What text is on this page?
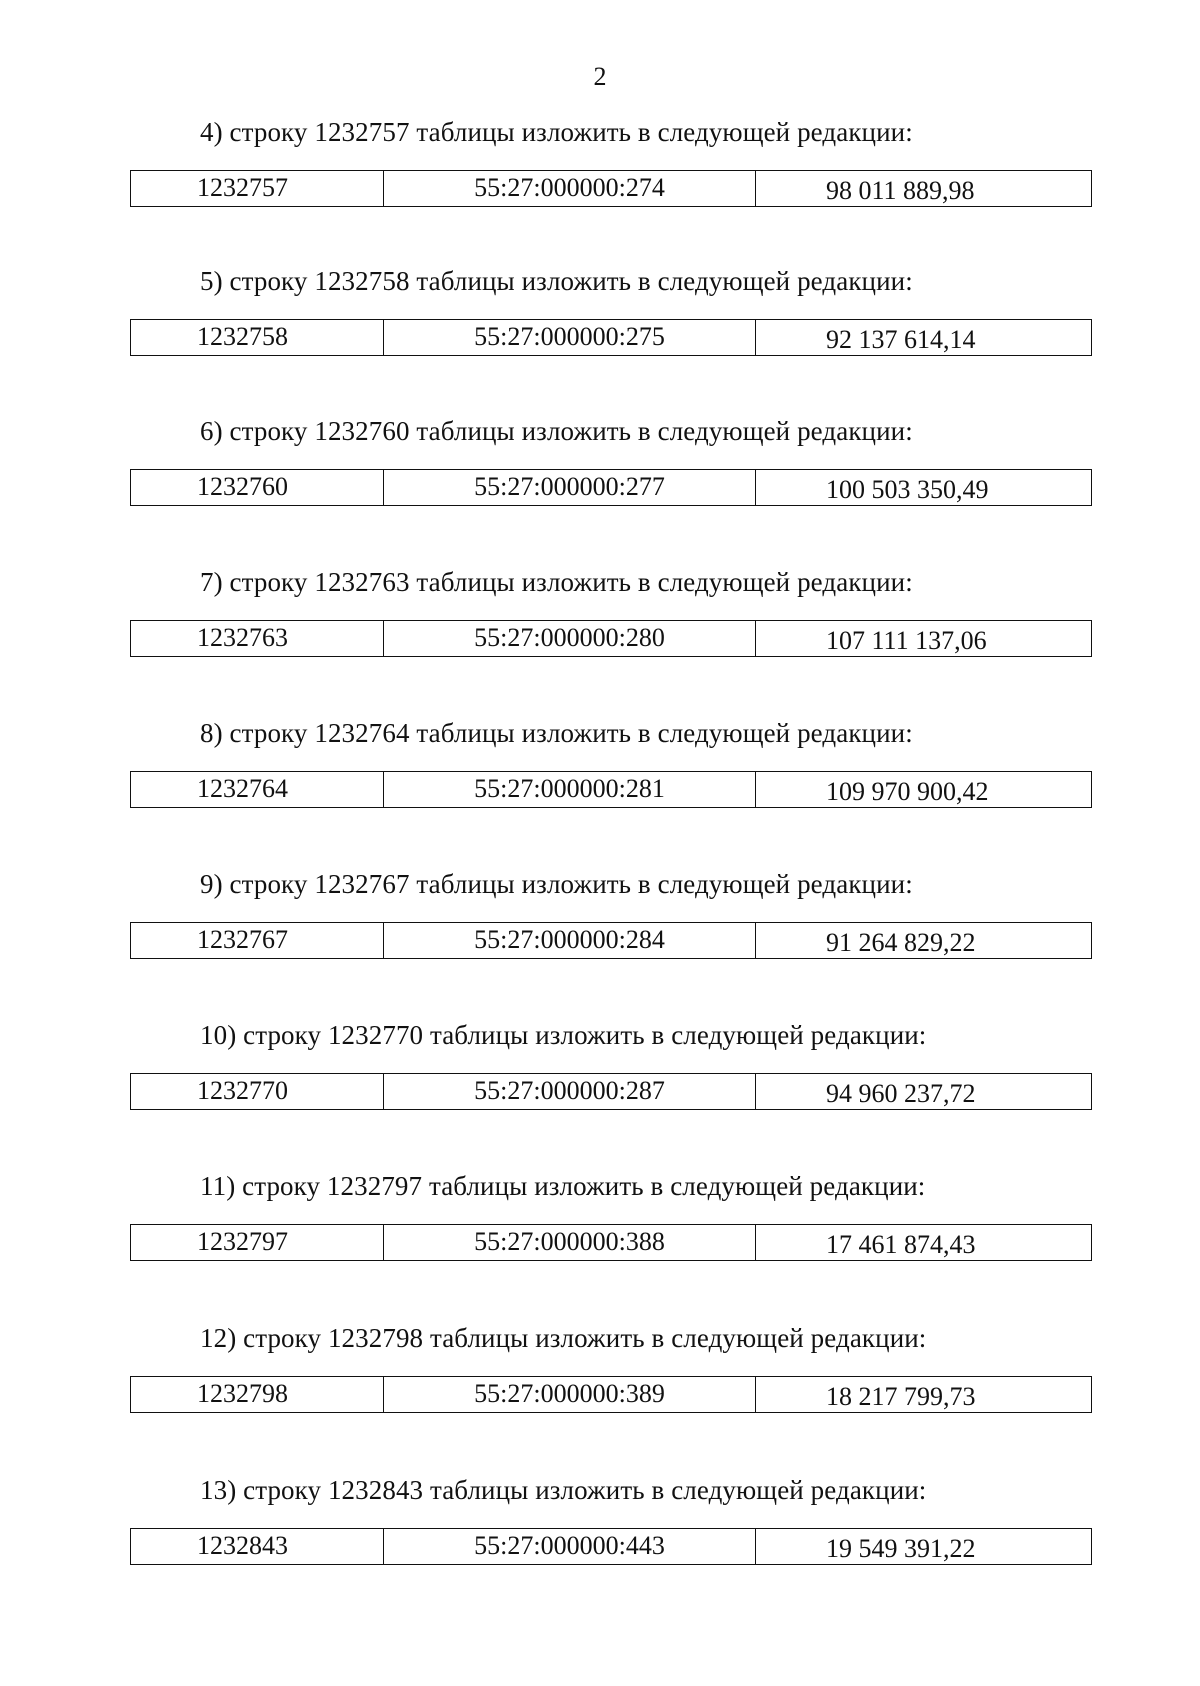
2
4) строку 1232757 таблицы изложить в следующей редакции:
1232757	55:27:000000:274	98 011 889,98
5) строку 1232758 таблицы изложить в следующей редакции:
1232758	55:27:000000:275	92 137 614,14
6) строку 1232760 таблицы изложить в следующей редакции:
1232760	55:27:000000:277	100 503 350,49
7) строку 1232763 таблицы изложить в следующей редакции:
1232763	55:27:000000:280	107 111 137,06
8) строку 1232764 таблицы изложить в следующей редакции:
1232764	55:27:000000:281	109 970 900,42
9) строку 1232767 таблицы изложить в следующей редакции:
1232767	55:27:000000:284	91 264 829,22
10) строку 1232770 таблицы изложить в следующей редакции:
1232770	55:27:000000:287	94 960 237,72
11) строку 1232797 таблицы изложить в следующей редакции:
1232797	55:27:000000:388	17 461 874,43
12) строку 1232798 таблицы изложить в следующей редакции:
1232798	55:27:000000:389	18 217 799,73
13) строку 1232843 таблицы изложить в следующей редакции:
1232843	55:27:000000:443	19 549 391,22
